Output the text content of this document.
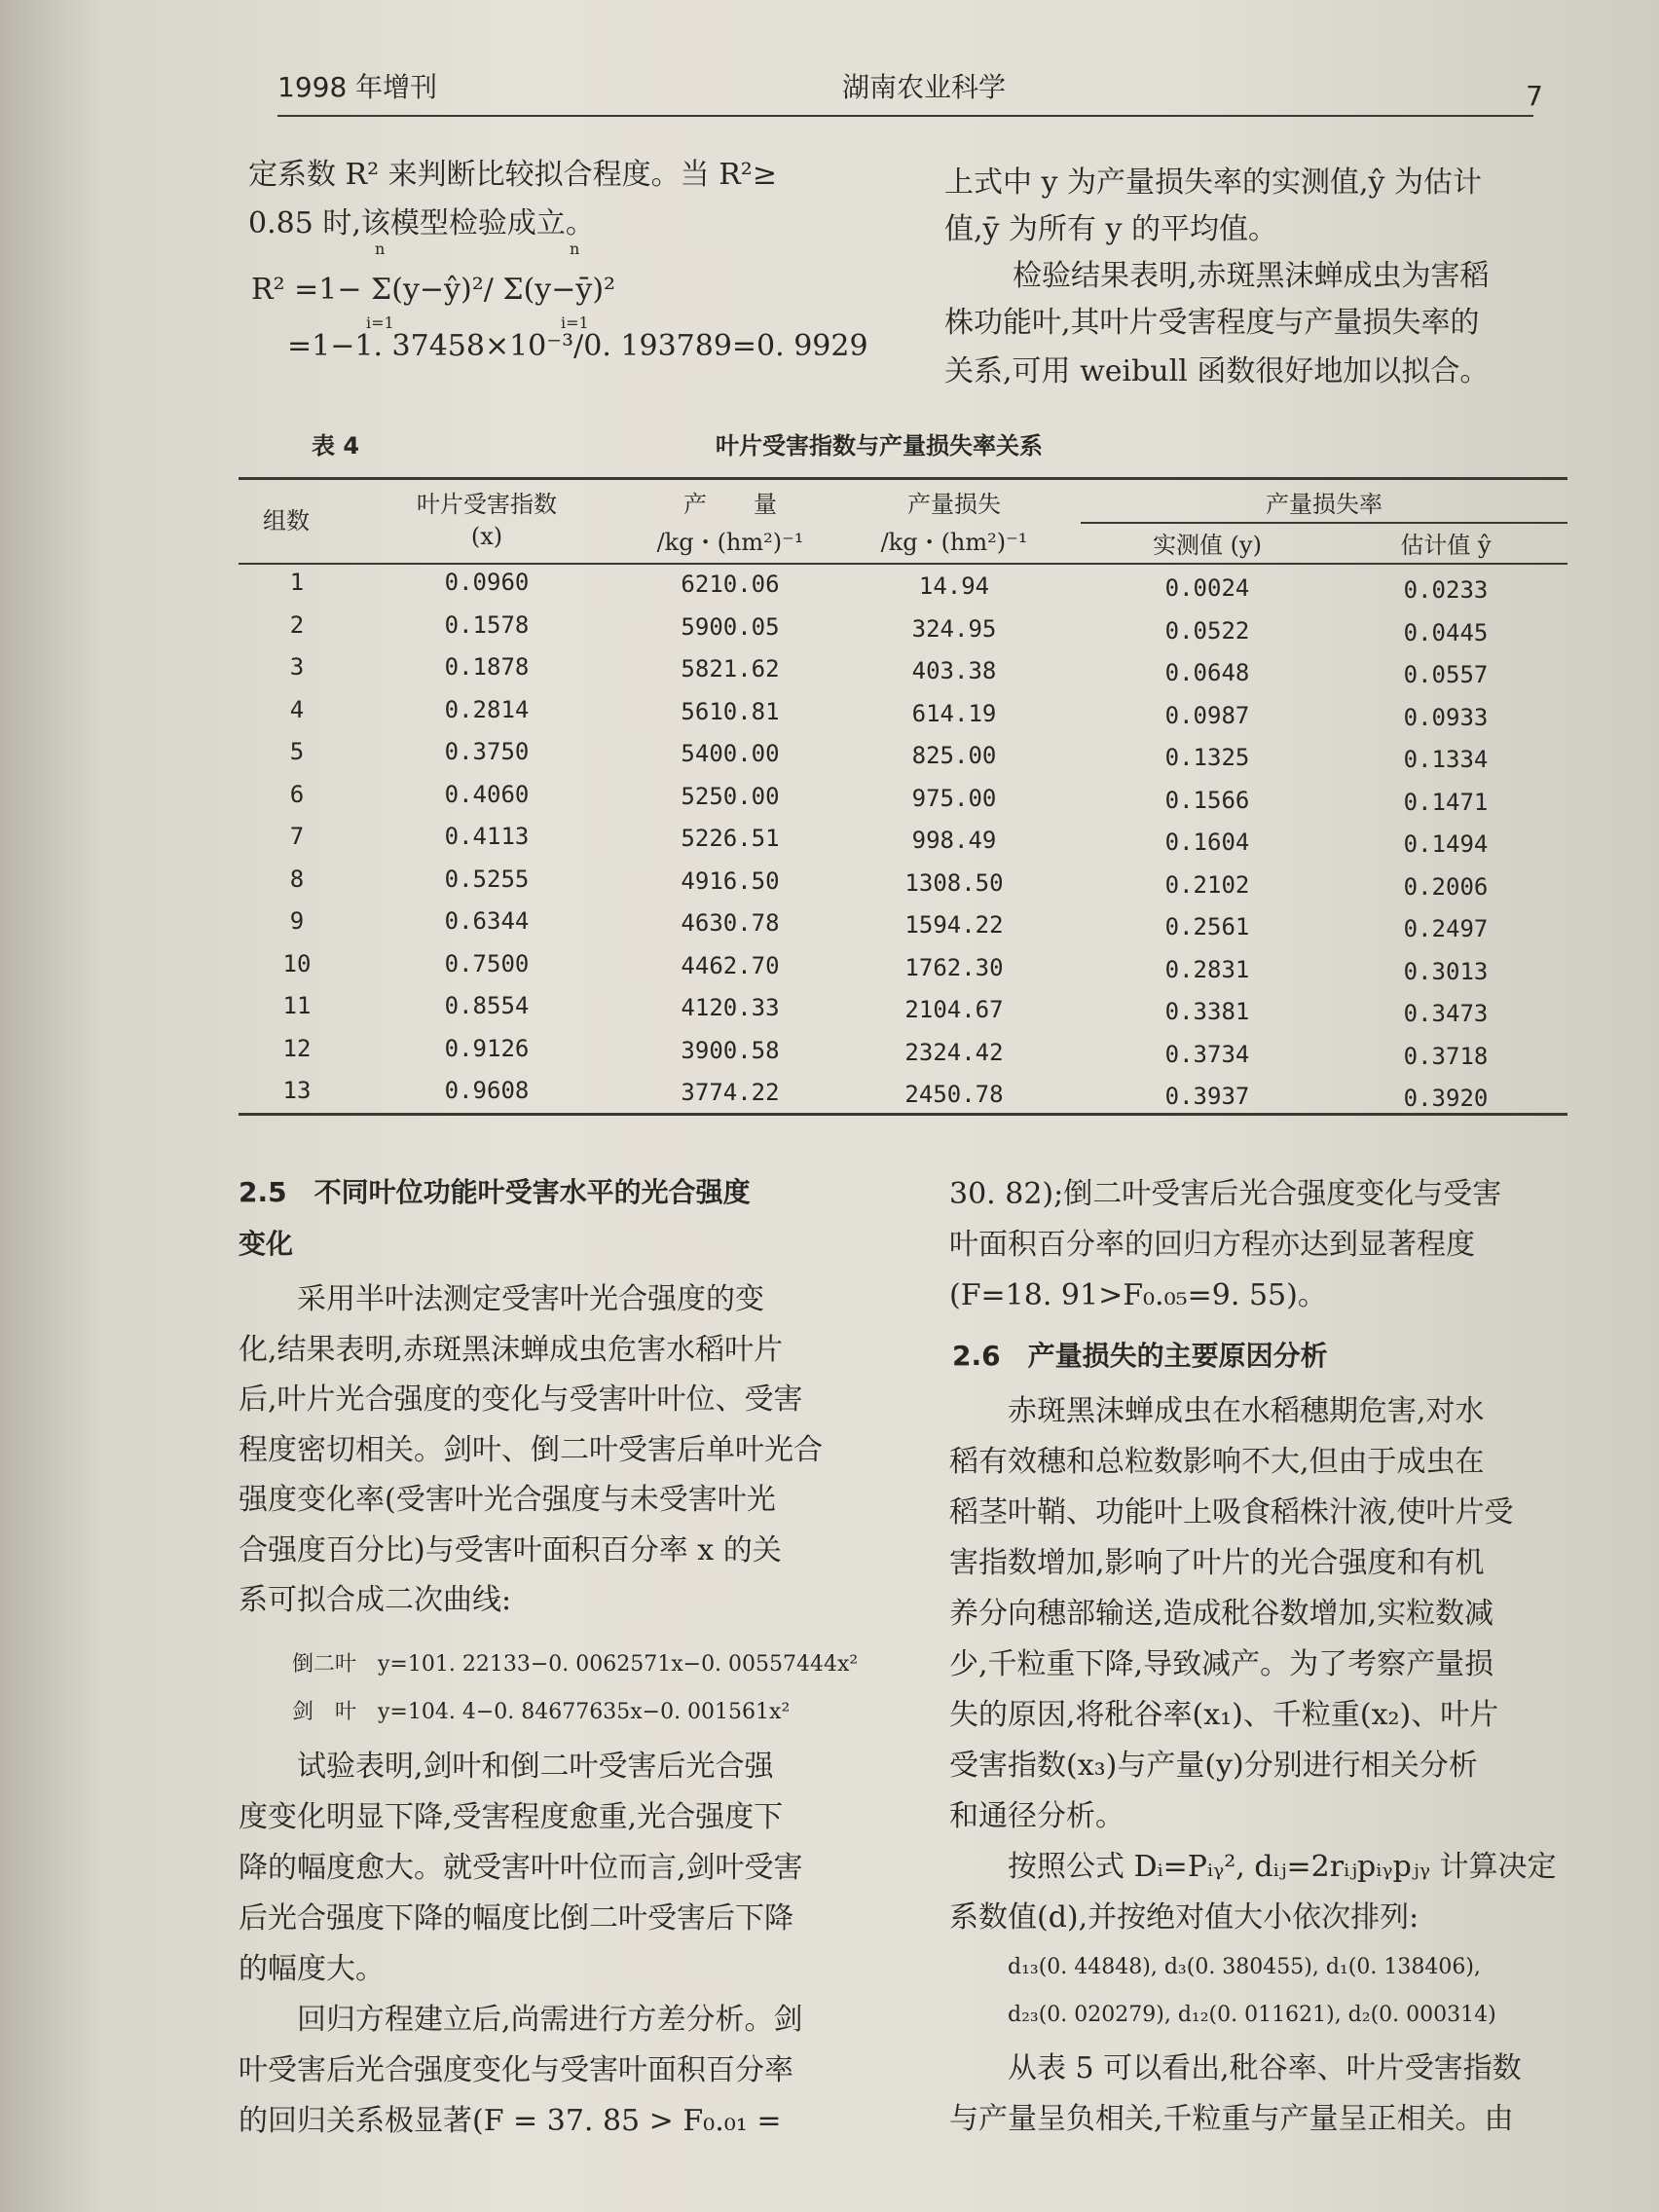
1998 年增刊	湖南农业科学	7
定系数 R² 来判断比较拟合程度。当 R²≥
0.85 时,该模型检验成立。
R² =1− Σ(y−ŷ)²/ Σ(y−ȳ)²
n
i=1
n
i=1
=1−1. 37458×10⁻³/0. 193789=0. 9929
上式中 y 为产量损失率的实测值,ŷ 为估计
值,ȳ 为所有 y 的平均值。
检验结果表明,赤斑黑沫蝉成虫为害稻
株功能叶,其叶片受害程度与产量损失率的
关系,可用 weibull 函数很好地加以拟合。
表 4	叶片受害指数与产量损失率关系
组数
叶片受害指数
(x)
产　　量
/kg・(hm²)⁻¹
产量损失
/kg・(hm²)⁻¹
产量损失率
实测值 (y)	估计值 ŷ
1	0.0960	6210.06	14.94	0.0024	0.0233
2	0.1578	5900.05	324.95	0.0522	0.0445
3	0.1878	5821.62	403.38	0.0648	0.0557
4	0.2814	5610.81	614.19	0.0987	0.0933
5	0.3750	5400.00	825.00	0.1325	0.1334
6	0.4060	5250.00	975.00	0.1566	0.1471
7	0.4113	5226.51	998.49	0.1604	0.1494
8	0.5255	4916.50	1308.50	0.2102	0.2006
9	0.6344	4630.78	1594.22	0.2561	0.2497
10	0.7500	4462.70	1762.30	0.2831	0.3013
11	0.8554	4120.33	2104.67	0.3381	0.3473
12	0.9126	3900.58	2324.42	0.3734	0.3718
13	0.9608	3774.22	2450.78	0.3937	0.3920
2.5　不同叶位功能叶受害水平的光合强度
变化
　　采用半叶法测定受害叶光合强度的变
化,结果表明,赤斑黑沫蝉成虫危害水稻叶片
后,叶片光合强度的变化与受害叶叶位、受害
程度密切相关。剑叶、倒二叶受害后单叶光合
强度变化率(受害叶光合强度与未受害叶光
合强度百分比)与受害叶面积百分率 x 的关
系可拟合成二次曲线:
倒二叶　y=101. 22133−0. 0062571x−0. 00557444x²
剑　叶　y=104. 4−0. 84677635x−0. 001561x²
　　试验表明,剑叶和倒二叶受害后光合强
度变化明显下降,受害程度愈重,光合强度下
降的幅度愈大。就受害叶叶位而言,剑叶受害
后光合强度下降的幅度比倒二叶受害后下降
的幅度大。
　　回归方程建立后,尚需进行方差分析。剑
叶受害后光合强度变化与受害叶面积百分率
的回归关系极显著(F = 37. 85 > F₀.₀₁ =
30. 82);倒二叶受害后光合强度变化与受害
叶面积百分率的回归方程亦达到显著程度
(F=18. 91>F₀.₀₅=9. 55)。
2.6　产量损失的主要原因分析
　　赤斑黑沫蝉成虫在水稻穗期危害,对水
稻有效穗和总粒数影响不大,但由于成虫在
稻茎叶鞘、功能叶上吸食稻株汁液,使叶片受
害指数增加,影响了叶片的光合强度和有机
养分向穗部输送,造成秕谷数增加,实粒数减
少,千粒重下降,导致减产。为了考察产量损
失的原因,将秕谷率(x₁)、千粒重(x₂)、叶片
受害指数(x₃)与产量(y)分别进行相关分析
和通径分析。
　　按照公式 Dᵢ=Pᵢᵧ², dᵢⱼ=2rᵢⱼpᵢᵧpⱼᵧ 计算决定
系数值(d),并按绝对值大小依次排列:
d₁₃(0. 44848), d₃(0. 380455), d₁(0. 138406),
d₂₃(0. 020279), d₁₂(0. 011621), d₂(0. 000314)
　　从表 5 可以看出,秕谷率、叶片受害指数
与产量呈负相关,千粒重与产量呈正相关。由
